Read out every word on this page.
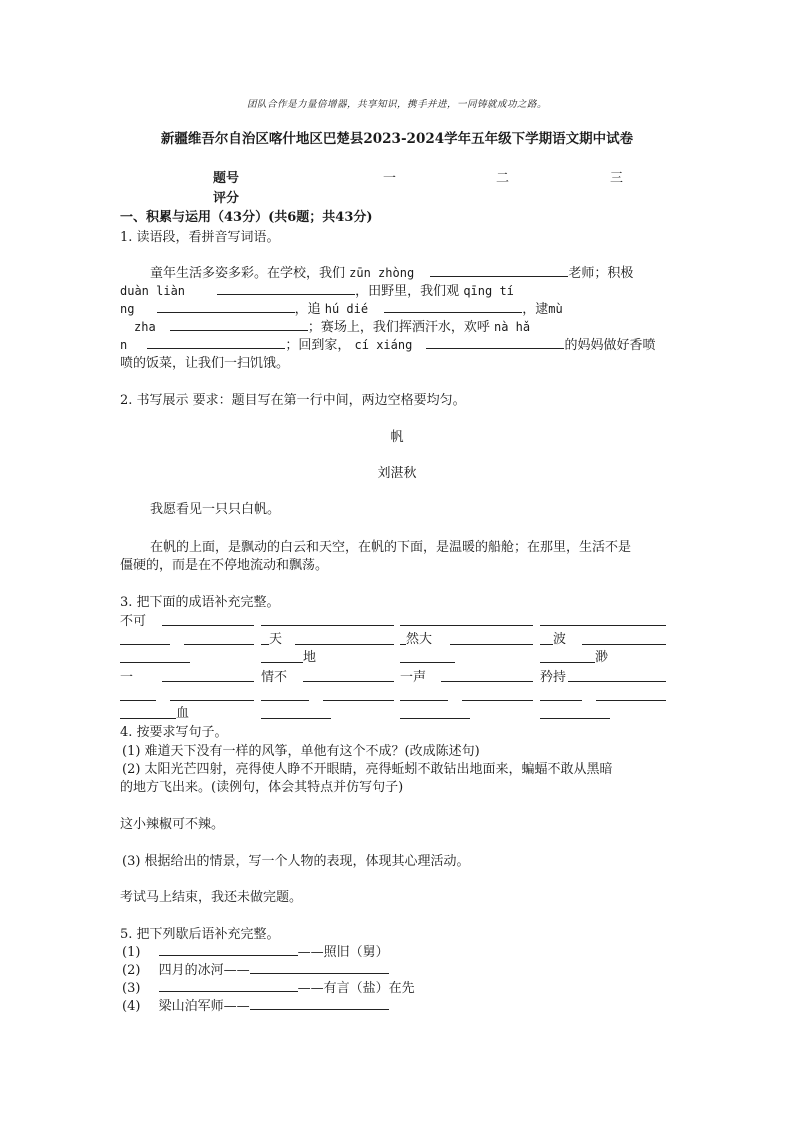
团队合作是力量倍增器，共享知识，携手并进，一同铸就成功之路。
新疆维吾尔自治区喀什地区巴楚县2023-2024学年五年级下学期语文期中试卷
题号	一	二	三
评分
一、积累与运用（43分）(共6题；共43分)
1. 读语段，看拼音写词语。
童年生活多姿多彩。在学校，我们 zūn zhòng	老师；积极
duàn liàn	，田野里，我们观 qīng tí
ng	，追 hú dié	，逮mù
zha	；赛场上，我们挥洒汗水，欢呼 nà hǎ
n	；回到家， cí xiáng	的妈妈做好香喷
喷的饭菜，让我们一扫饥饿。
2. 书写展示 要求：题目写在第一行中间，两边空格要均匀。
帆
刘湛秋
我愿看见一只只白帆。
在帆的上面，是飘动的白云和天空，在帆的下面，是温暖的船舱；在那里，生活不是
僵硬的，而是在不停地流动和飘荡。
3. 把下面的成语补充完整。
不可
天	然大	波
地	渺
一	情不	一声	矜持
血
4. 按要求写句子。
(1) 难道天下没有一样的风筝，单他有这个不成？(改成陈述句)
(2) 太阳光芒四射，亮得使人睁不开眼睛，亮得蚯蚓不敢钻出地面来，蝙蝠不敢从黑暗
的地方飞出来。(读例句，体会其特点并仿写句子)
这小辣椒可不辣。
(3) 根据给出的情景，写一个人物的表现，体现其心理活动。
考试马上结束，我还未做完题。
5. 把下列歇后语补充完整。
(1)	——照旧（舅）
(2) 四月的冰河——
(3)	——有言（盐）在先
(4) 梁山泊军师——
